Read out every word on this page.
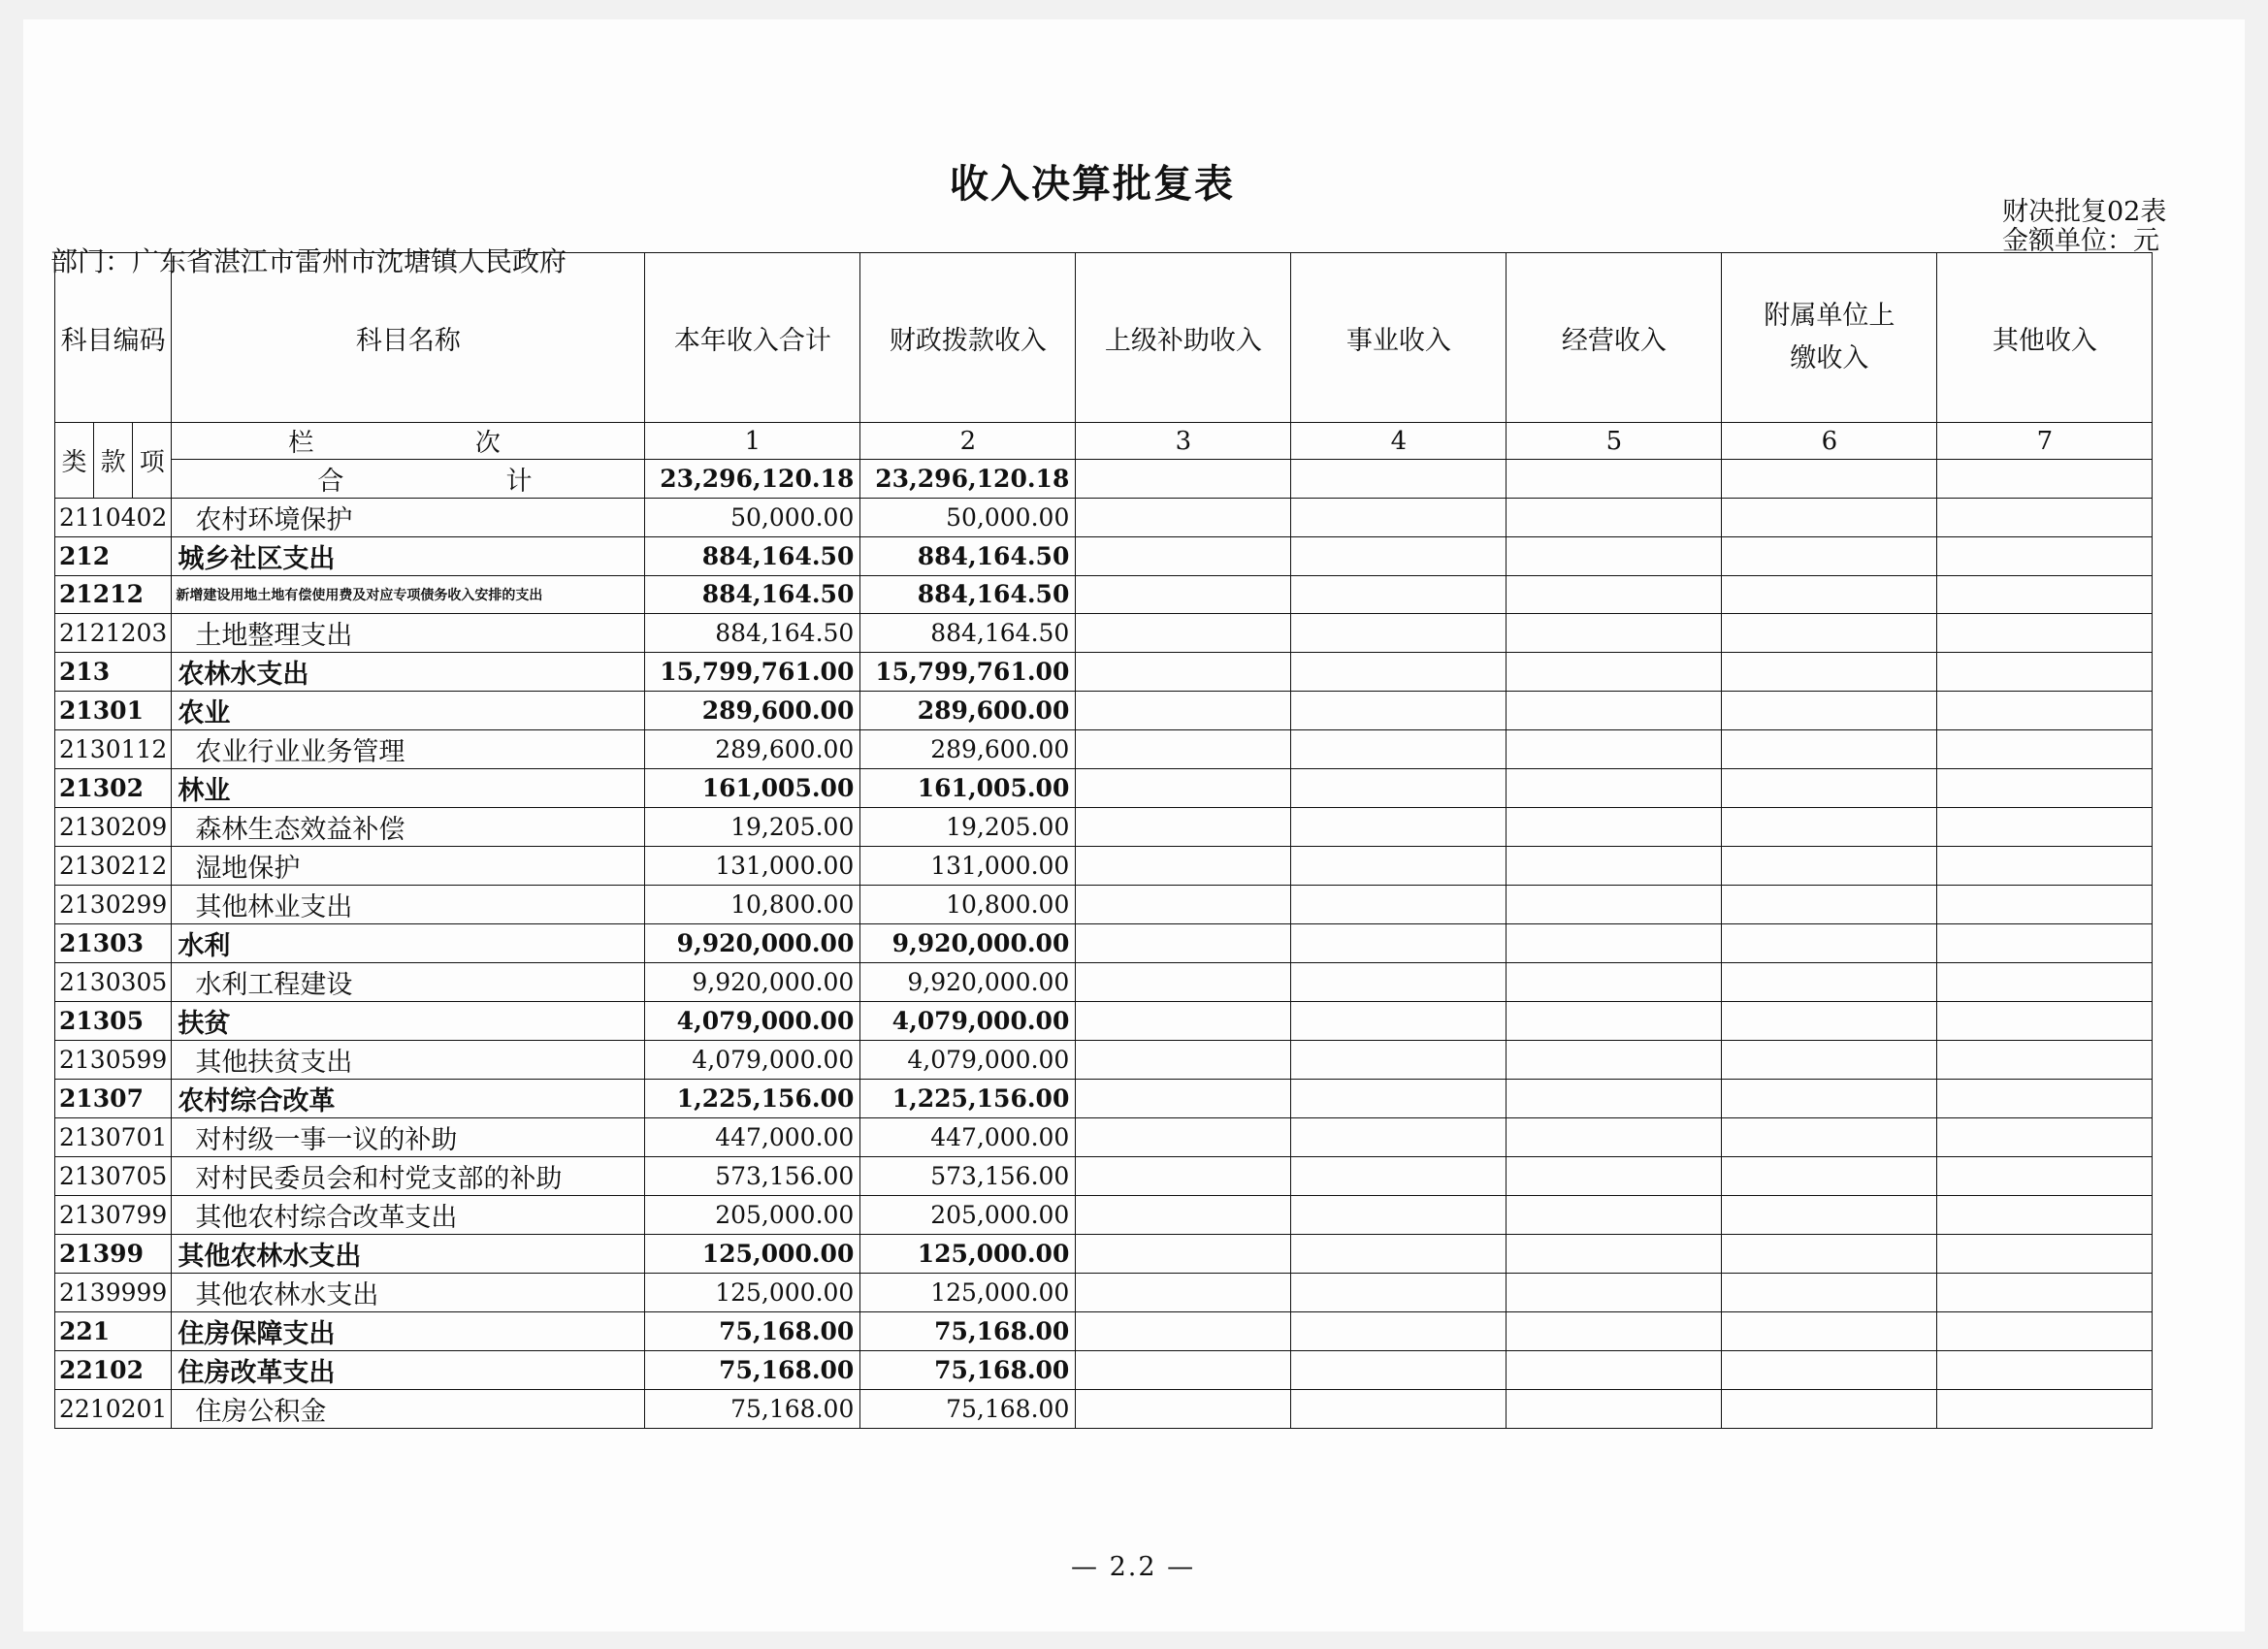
收入决算批复表
财决批复02表
金额单位：元
部门：广东省湛江市雷州市沈塘镇人民政府
科目编码			科目名称	本年收入合计	财政拨款收入	上级补助收入	事业收入	经营收入	附属单位上缴收入	其他收入
类	款	项	栏 次	1	2	3	4	5	6	7
			合 计	23,296,120.18	23,296,120.18					
2110402			农村环境保护	50,000.00	50,000.00					
212			城乡社区支出	884,164.50	884,164.50					
21212			新增建设用地土地有偿使用费及对应专项债务收入安排的支出	884,164.50	884,164.50					
2121203			土地整理支出	884,164.50	884,164.50					
213			农林水支出	15,799,761.00	15,799,761.00					
21301			农业	289,600.00	289,600.00					
2130112			农业行业业务管理	289,600.00	289,600.00					
21302			林业	161,005.00	161,005.00					
2130209			森林生态效益补偿	19,205.00	19,205.00					
2130212			湿地保护	131,000.00	131,000.00					
2130299			其他林业支出	10,800.00	10,800.00					
21303			水利	9,920,000.00	9,920,000.00					
2130305			水利工程建设	9,920,000.00	9,920,000.00					
21305			扶贫	4,079,000.00	4,079,000.00					
2130599			其他扶贫支出	4,079,000.00	4,079,000.00					
21307			农村综合改革	1,225,156.00	1,225,156.00					
2130701			对村级一事一议的补助	447,000.00	447,000.00					
2130705			对村民委员会和村党支部的补助	573,156.00	573,156.00					
2130799			其他农村综合改革支出	205,000.00	205,000.00					
21399			其他农林水支出	125,000.00	125,000.00					
2139999			其他农林水支出	125,000.00	125,000.00					
221			住房保障支出	75,168.00	75,168.00					
22102			住房改革支出	75,168.00	75,168.00					
2210201			住房公积金	75,168.00	75,168.00					
— 2.2 —
